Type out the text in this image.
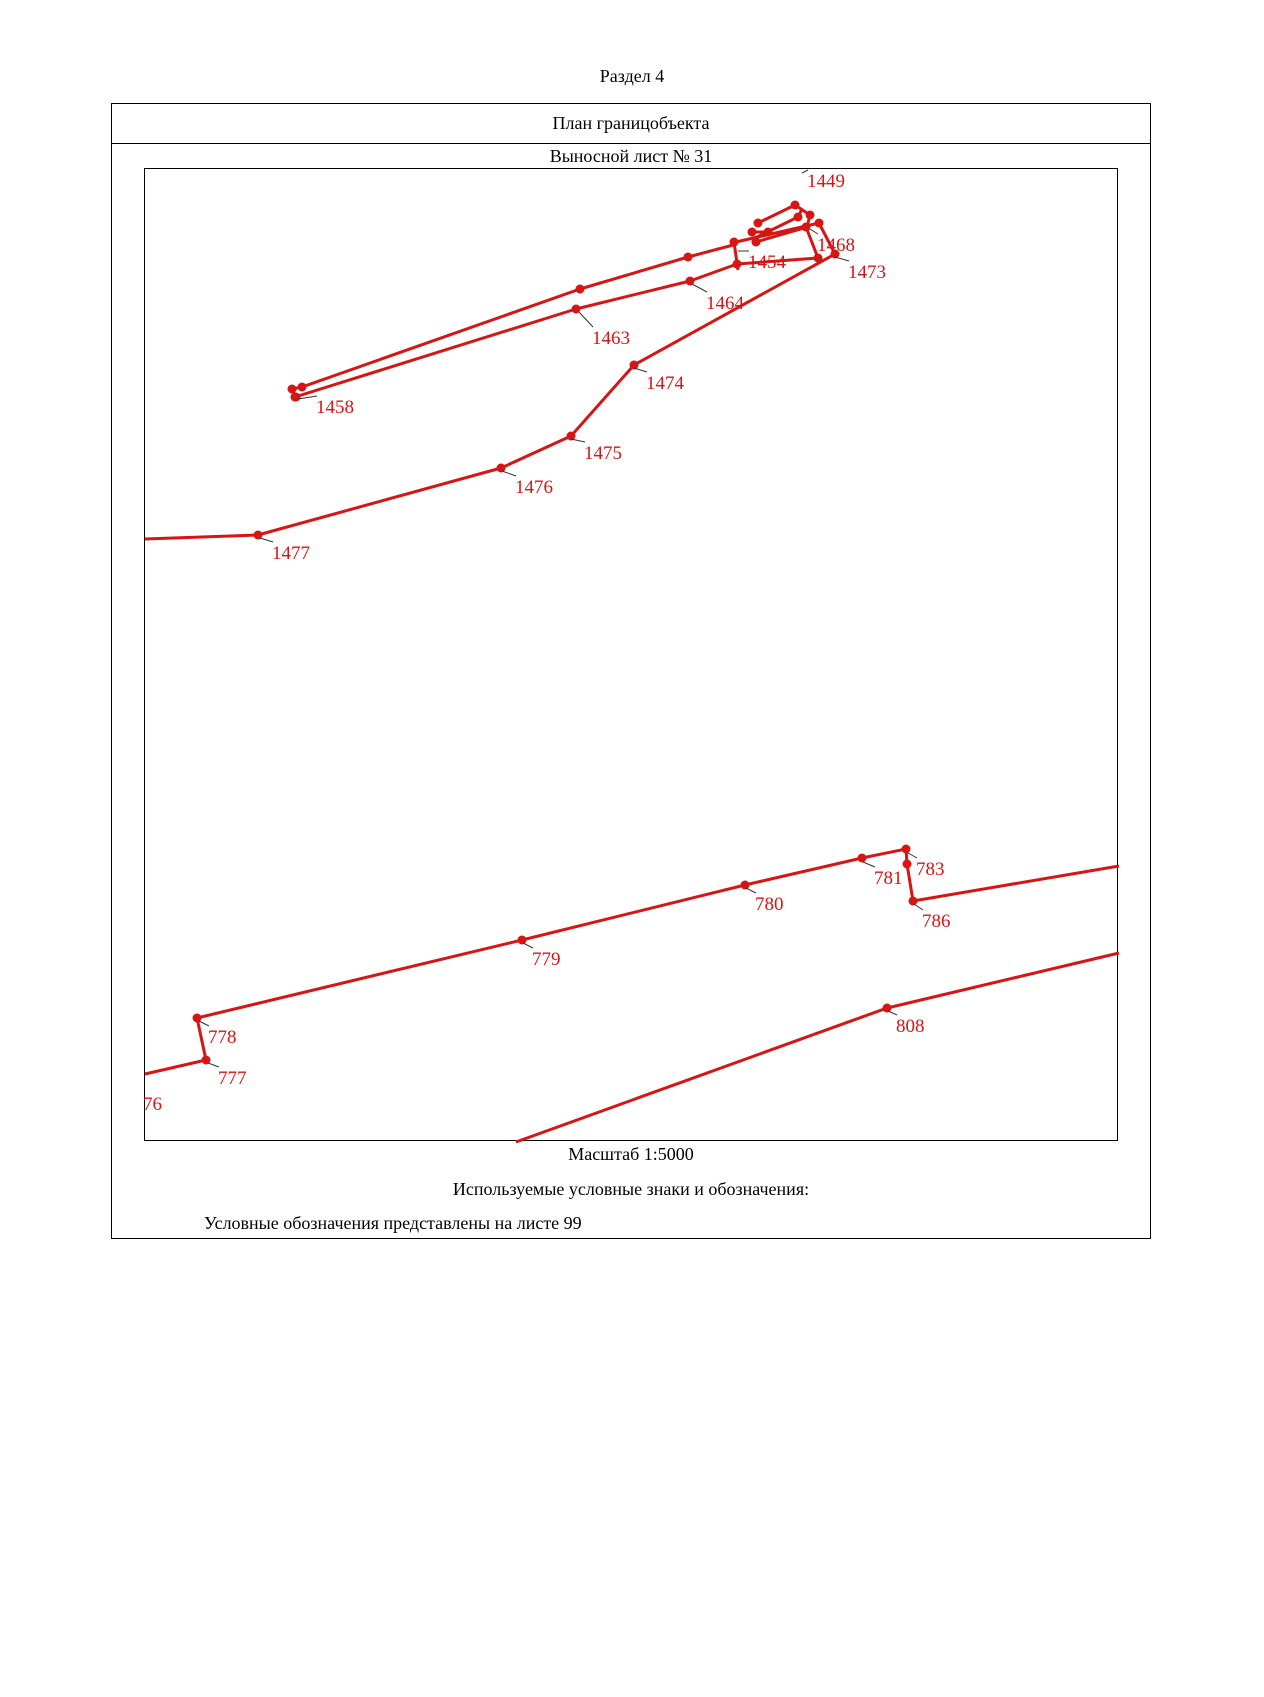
Раздел 4
План границобъекта
Выносной лист № 31
1449
1468
1454	1473
1464
1463
1474
1458
1475
1476
1477
783
781
786
780
779
808
778
777
76
Масштаб 1:5000
Используемые условные знаки и обозначения:
Условные обозначения представлены на листе 99
